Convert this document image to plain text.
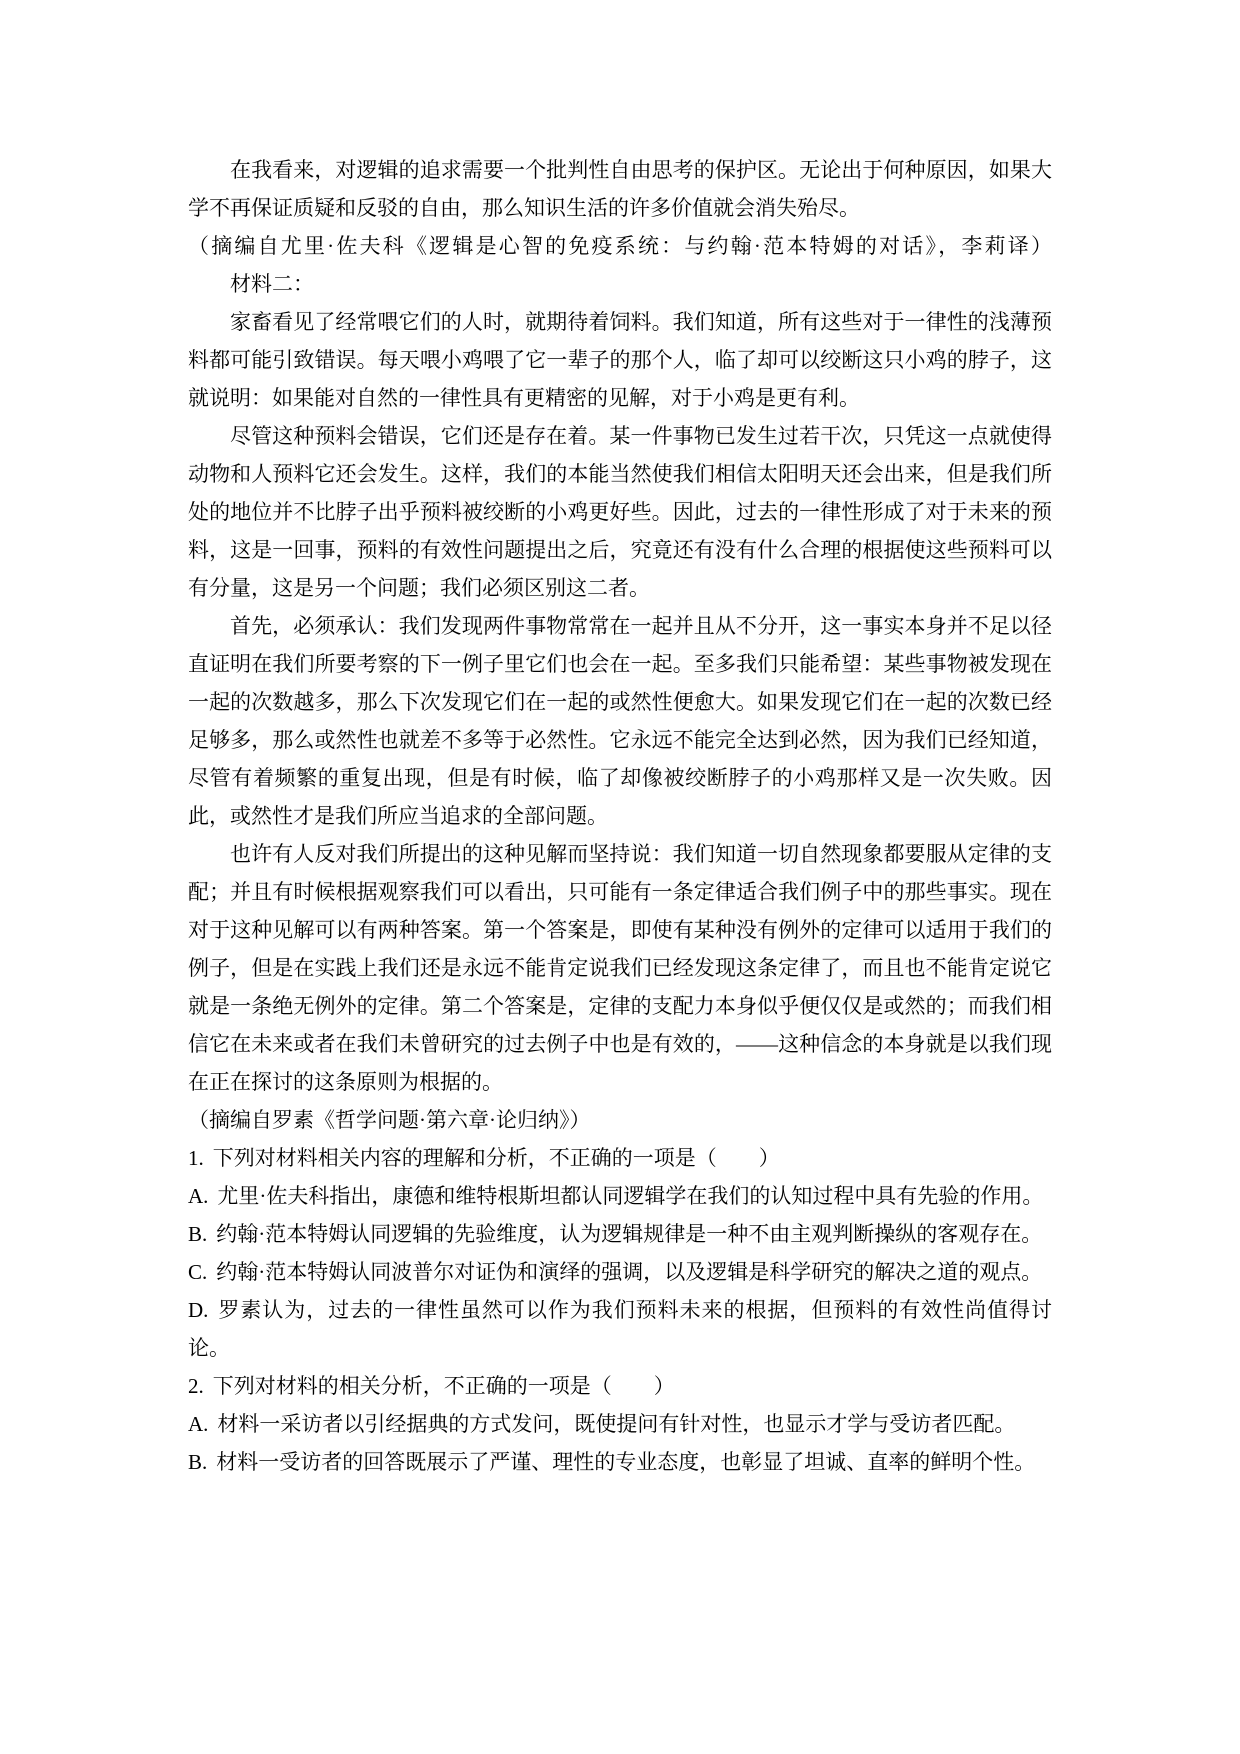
在我看来，对逻辑的追求需要一个批判性自由思考的保护区。无论出于何种原因，如果大学不再保证质疑和反驳的自由，那么知识生活的许多价值就会消失殆尽。

（摘编自尤里·佐夫科《逻辑是心智的免疫系统：与约翰·范本特姆的对话》，李莉译）

材料二：

家畜看见了经常喂它们的人时，就期待着饲料。我们知道，所有这些对于一律性的浅薄预料都可能引致错误。每天喂小鸡喂了它一辈子的那个人，临了却可以绞断这只小鸡的脖子，这就说明：如果能对自然的一律性具有更精密的见解，对于小鸡是更有利。

尽管这种预料会错误，它们还是存在着。某一件事物已发生过若干次，只凭这一点就使得动物和人预料它还会发生。这样，我们的本能当然使我们相信太阳明天还会出来，但是我们所处的地位并不比脖子出乎预料被绞断的小鸡更好些。因此，过去的一律性形成了对于未来的预料，这是一回事，预料的有效性问题提出之后，究竟还有没有什么合理的根据使这些预料可以有分量，这是另一个问题；我们必须区别这二者。

首先，必须承认：我们发现两件事物常常在一起并且从不分开，这一事实本身并不足以径直证明在我们所要考察的下一例子里它们也会在一起。至多我们只能希望：某些事物被发现在一起的次数越多，那么下次发现它们在一起的或然性便愈大。如果发现它们在一起的次数已经足够多，那么或然性也就差不多等于必然性。它永远不能完全达到必然，因为我们已经知道，尽管有着频繁的重复出现，但是有时候，临了却像被绞断脖子的小鸡那样又是一次失败。因此，或然性才是我们所应当追求的全部问题。

也许有人反对我们所提出的这种见解而坚持说：我们知道一切自然现象都要服从定律的支配；并且有时候根据观察我们可以看出，只可能有一条定律适合我们例子中的那些事实。现在对于这种见解可以有两种答案。第一个答案是，即使有某种没有例外的定律可以适用于我们的例子，但是在实践上我们还是永远不能肯定说我们已经发现这条定律了，而且也不能肯定说它就是一条绝无例外的定律。第二个答案是，定律的支配力本身似乎便仅仅是或然的；而我们相信它在未来或者在我们未曾研究的过去例子中也是有效的，——这种信念的本身就是以我们现在正在探讨的这条原则为根据的。

（摘编自罗素《哲学问题·第六章·论归纳》）

1. 下列对材料相关内容的理解和分析，不正确的一项是（　　）

A. 尤里·佐夫科指出，康德和维特根斯坦都认同逻辑学在我们的认知过程中具有先验的作用。

B. 约翰·范本特姆认同逻辑的先验维度，认为逻辑规律是一种不由主观判断操纵的客观存在。

C. 约翰·范本特姆认同波普尔对证伪和演绎的强调，以及逻辑是科学研究的解决之道的观点。

D. 罗素认为，过去的一律性虽然可以作为我们预料未来的根据，但预料的有效性尚值得讨论。

2. 下列对材料的相关分析，不正确的一项是（　　）

A. 材料一采访者以引经据典的方式发问，既使提问有针对性，也显示才学与受访者匹配。

B. 材料一受访者的回答既展示了严谨、理性的专业态度，也彰显了坦诚、直率的鲜明个性。
